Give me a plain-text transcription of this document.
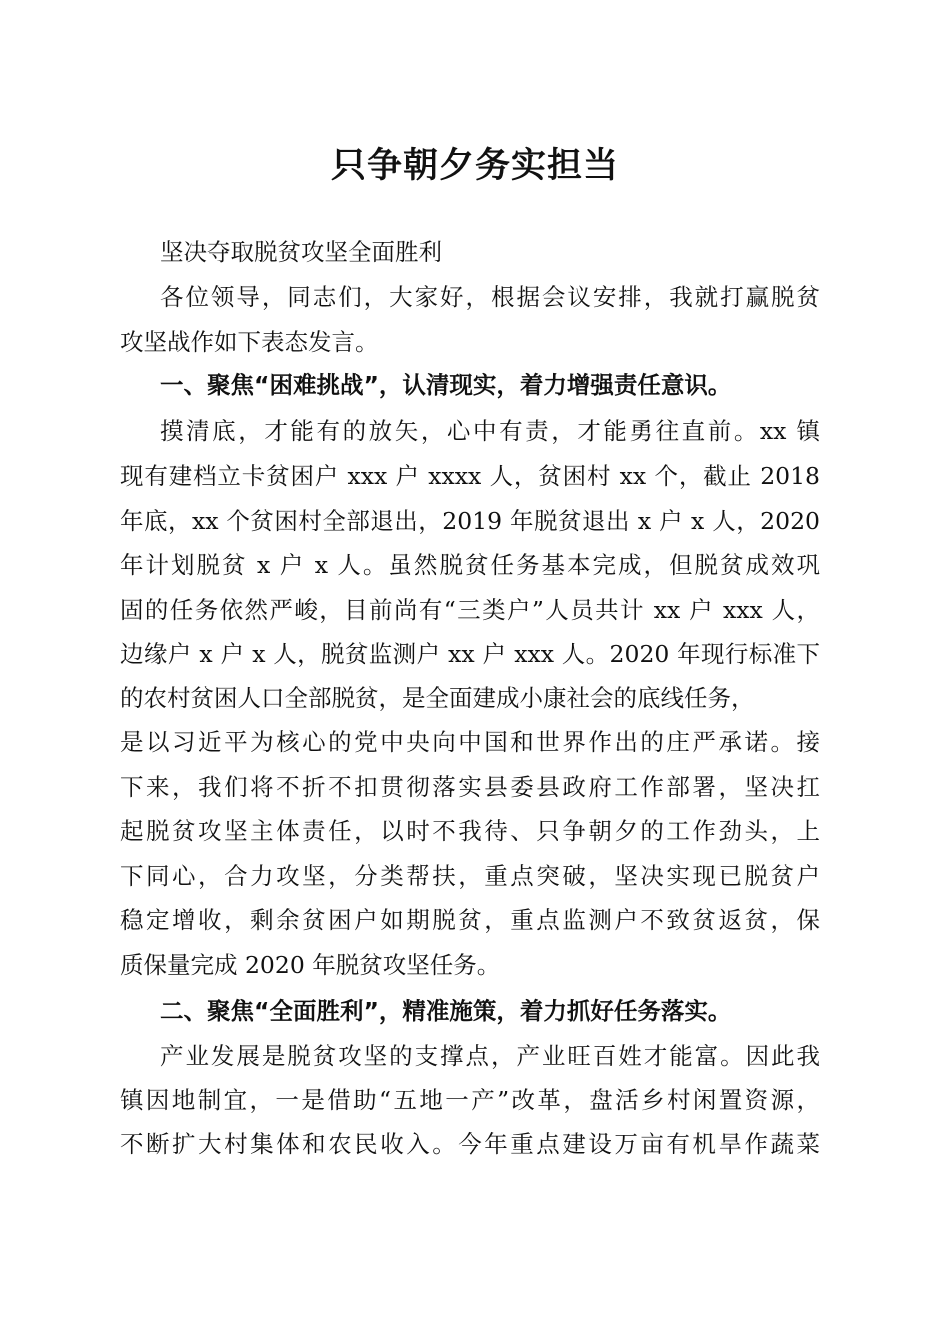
只争朝夕务实担当
坚决夺取脱贫攻坚全面胜利
各位领导，同志们，大家好，根据会议安排，我就打赢脱贫
攻坚战作如下表态发言。
一、聚焦“困难挑战”，认清现实，着力增强责任意识。
摸清底，才能有的放矢，心中有责，才能勇往直前。xx 镇
现有建档立卡贫困户 xxx 户 xxxx 人，贫困村 xx 个，截止 2018
年底，xx 个贫困村全部退出，2019 年脱贫退出 x 户 x 人，2020
年计划脱贫 x 户 x 人。虽然脱贫任务基本完成，但脱贫成效巩
固的任务依然严峻，目前尚有“三类户”人员共计 xx 户 xxx 人，
边缘户 x 户 x 人，脱贫监测户 xx 户 xxx 人。2020 年现行标准下
的农村贫困人口全部脱贫，是全面建成小康社会的底线任务，
是以习近平为核心的党中央向中国和世界作出的庄严承诺。接
下来，我们将不折不扣贯彻落实县委县政府工作部署，坚决扛
起脱贫攻坚主体责任，以时不我待、只争朝夕的工作劲头，上
下同心，合力攻坚，分类帮扶，重点突破，坚决实现已脱贫户
稳定增收，剩余贫困户如期脱贫，重点监测户不致贫返贫，保
质保量完成 2020 年脱贫攻坚任务。
二、聚焦“全面胜利”，精准施策，着力抓好任务落实。
产业发展是脱贫攻坚的支撑点，产业旺百姓才能富。因此我
镇因地制宜，一是借助“五地一产”改革，盘活乡村闲置资源，
不断扩大村集体和农民收入。今年重点建设万亩有机旱作蔬菜
